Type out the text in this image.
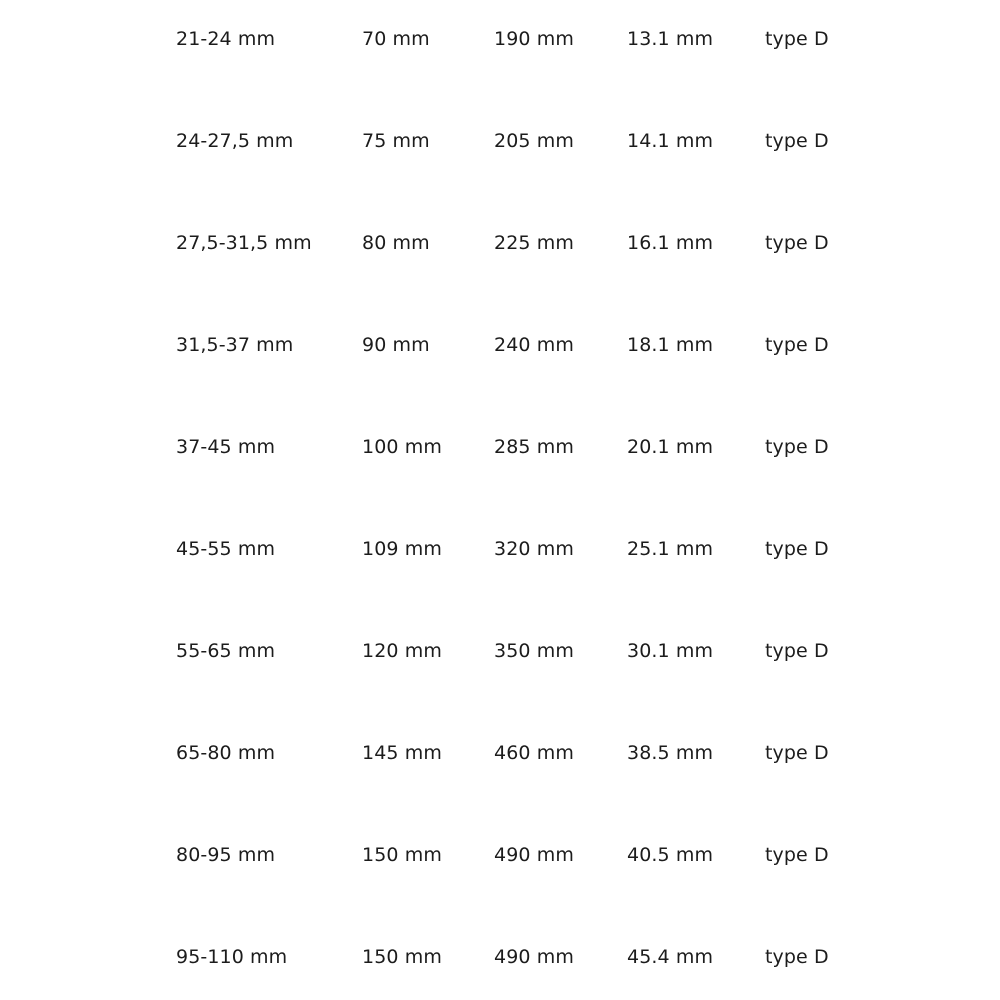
21-24 mm	70 mm	190 mm	13.1 mm	type D
24-27,5 mm	75 mm	205 mm	14.1 mm	type D
27,5-31,5 mm	80 mm	225 mm	16.1 mm	type D
31,5-37 mm	90 mm	240 mm	18.1 mm	type D
37-45 mm	100 mm	285 mm	20.1 mm	type D
45-55 mm	109 mm	320 mm	25.1 mm	type D
55-65 mm	120 mm	350 mm	30.1 mm	type D
65-80 mm	145 mm	460 mm	38.5 mm	type D
80-95 mm	150 mm	490 mm	40.5 mm	type D
95-110 mm	150 mm	490 mm	45.4 mm	type D
